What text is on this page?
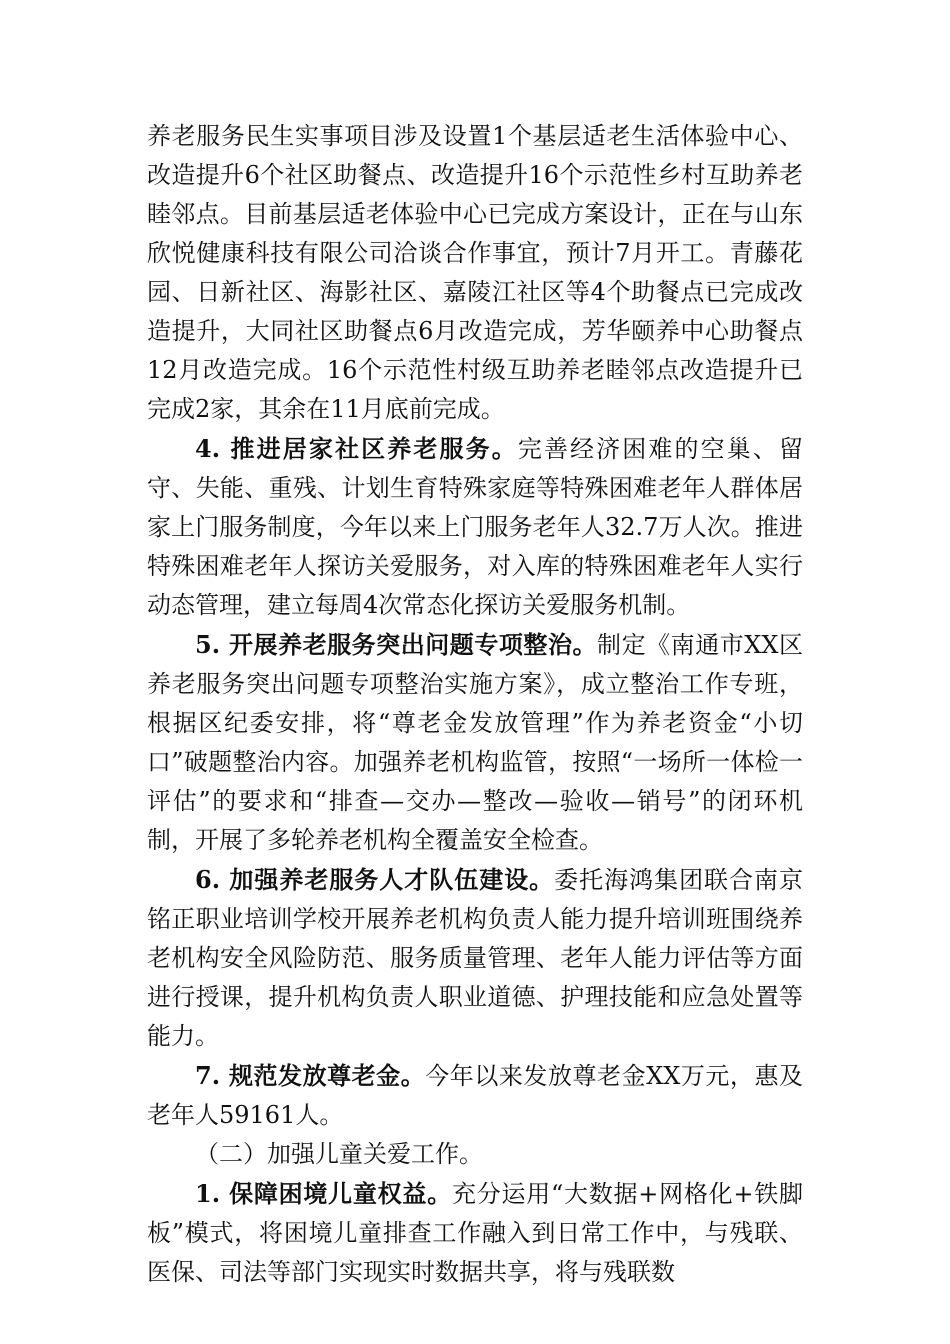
养老服务民生实事项目涉及设置1个基层适老生活体验中心、改造提升6个社区助餐点、改造提升16个示范性乡村互助养老睦邻点。目前基层适老体验中心已完成方案设计，正在与山东欣悦健康科技有限公司洽谈合作事宜，预计7月开工。青藤花园、日新社区、海影社区、嘉陵江社区等4个助餐点已完成改造提升，大同社区助餐点6月改造完成，芳华颐养中心助餐点12月改造完成。16个示范性村级互助养老睦邻点改造提升已完成2家，其余在11月底前完成。

4. 推进居家社区养老服务。完善经济困难的空巢、留守、失能、重残、计划生育特殊家庭等特殊困难老年人群体居家上门服务制度，今年以来上门服务老年人32.7万人次。推进特殊困难老年人探访关爱服务，对入库的特殊困难老年人实行动态管理，建立每周4次常态化探访关爱服务机制。

5. 开展养老服务突出问题专项整治。制定《南通市XX区养老服务突出问题专项整治实施方案》，成立整治工作专班，根据区纪委安排，将“尊老金发放管理”作为养老资金“小切口”破题整治内容。加强养老机构监管，按照“一场所一体检一评估”的要求和“排查—交办—整改—验收—销号”的闭环机制，开展了多轮养老机构全覆盖安全检查。

6. 加强养老服务人才队伍建设。委托海鸿集团联合南京铭正职业培训学校开展养老机构负责人能力提升培训班围绕养老机构安全风险防范、服务质量管理、老年人能力评估等方面进行授课，提升机构负责人职业道德、护理技能和应急处置等能力。

7. 规范发放尊老金。今年以来发放尊老金XX万元，惠及老年人59161人。

（二）加强儿童关爱工作。

1. 保障困境儿童权益。充分运用“大数据+网格化+铁脚板”模式，将困境儿童排查工作融入到日常工作中，与残联、医保、司法等部门实现实时数据共享，将与残联数
